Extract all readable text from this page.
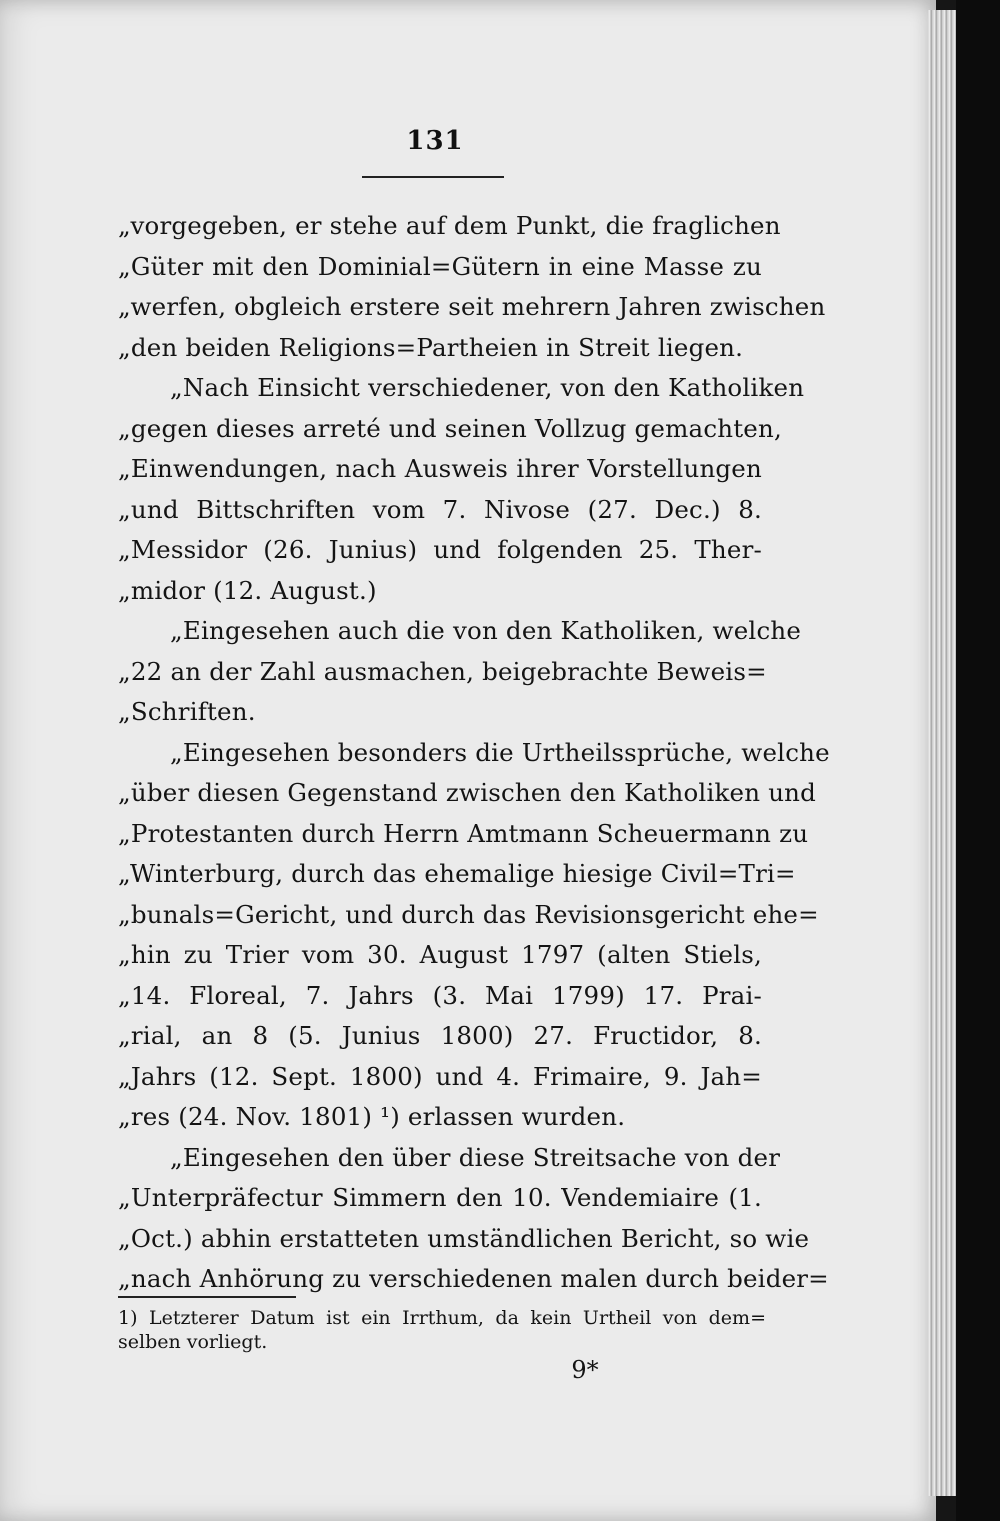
131
„vorgegeben, er stehe auf dem Punkt, die fraglichen
„Güter mit den Dominial=Gütern in eine Masse zu
„werfen, obgleich erstere seit mehrern Jahren zwischen
„den beiden Religions=Partheien in Streit liegen.
„Nach Einsicht verschiedener, von den Katholiken
„gegen dieses arreté und seinen Vollzug gemachten,
„Einwendungen, nach Ausweis ihrer Vorstellungen
„und Bittschriften vom 7. Nivose (27. Dec.) 8.
„Messidor (26. Junius) und folgenden 25. Ther-
„midor (12. August.)
„Eingesehen auch die von den Katholiken, welche
„22 an der Zahl ausmachen, beigebrachte Beweis=
„Schriften.
„Eingesehen besonders die Urtheilssprüche, welche
„über diesen Gegenstand zwischen den Katholiken und
„Protestanten durch Herrn Amtmann Scheuermann zu
„Winterburg, durch das ehemalige hiesige Civil=Tri=
„bunals=Gericht, und durch das Revisionsgericht ehe=
„hin zu Trier vom 30. August 1797 (alten Stiels,
„14. Floreal, 7. Jahrs (3. Mai 1799) 17. Prai-
„rial, an 8 (5. Junius 1800) 27. Fructidor, 8.
„Jahrs (12. Sept. 1800) und 4. Frimaire, 9. Jah=
„res (24. Nov. 1801) ¹) erlassen wurden.
„Eingesehen den über diese Streitsache von der
„Unterpräfectur Simmern den 10. Vendemiaire (1.
„Oct.) abhin erstatteten umständlichen Bericht, so wie
„nach Anhörung zu verschiedenen malen durch beider=
1) Letzterer Datum ist ein Irrthum, da kein Urtheil von dem=
selben vorliegt.
9*
